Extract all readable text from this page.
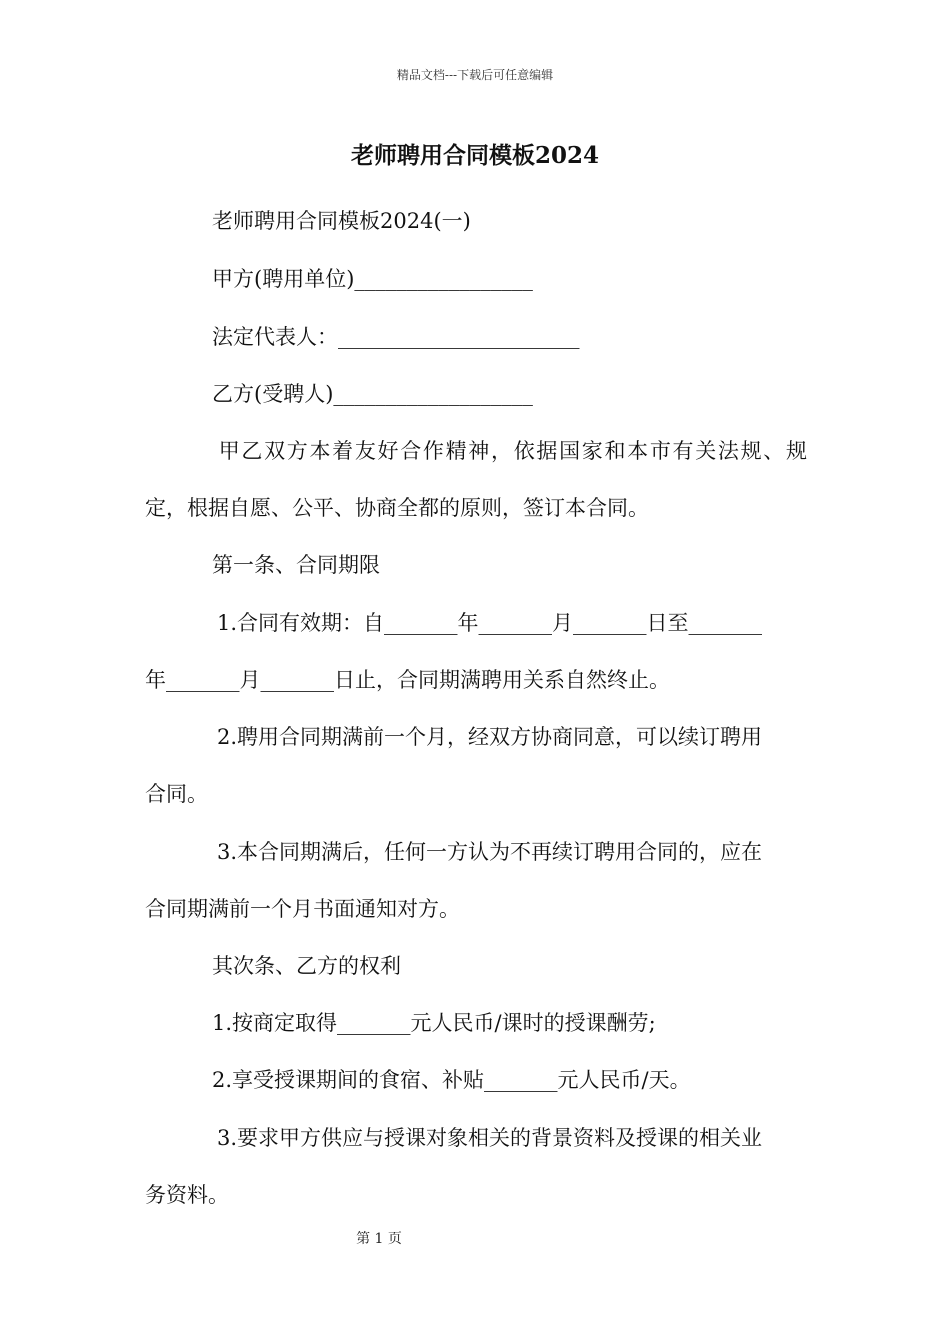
精品文档---下载后可任意编辑
老师聘用合同模板2024
老师聘用合同模板2024(一)
甲方(聘用单位)_________________
法定代表人：_______________________
乙方(受聘人)___________________
甲乙双方本着友好合作精神，依据国家和本市有关法规、规
定，根据自愿、公平、协商全都的原则，签订本合同。
第一条、合同期限
1.合同有效期：自_______年_______月_______日至_______
年_______月_______日止，合同期满聘用关系自然终止。
2.聘用合同期满前一个月，经双方协商同意，可以续订聘用
合同。
3.本合同期满后，任何一方认为不再续订聘用合同的，应在
合同期满前一个月书面通知对方。
其次条、乙方的权利
1.按商定取得_______元人民币/课时的授课酬劳;
2.享受授课期间的食宿、补贴_______元人民币/天。
3.要求甲方供应与授课对象相关的背景资料及授课的相关业
务资料。
第 1 页
